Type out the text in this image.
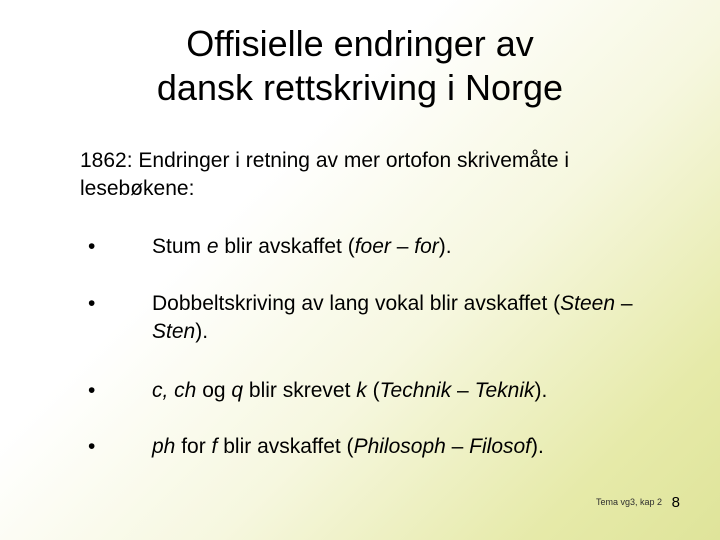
Offisielle endringer av
dansk rettskriving i Norge
1862: Endringer i retning av mer ortofon skrivemåte i lesebøkene:
•	Stum e blir avskaffet (foer – for).
•	Dobbeltskriving av lang vokal blir avskaffet (Steen – Sten).
•	c, ch og q blir skrevet k (Technik – Teknik).
•	ph for f blir avskaffet (Philosoph – Filosof).
Tema vg3, kap 2 8
